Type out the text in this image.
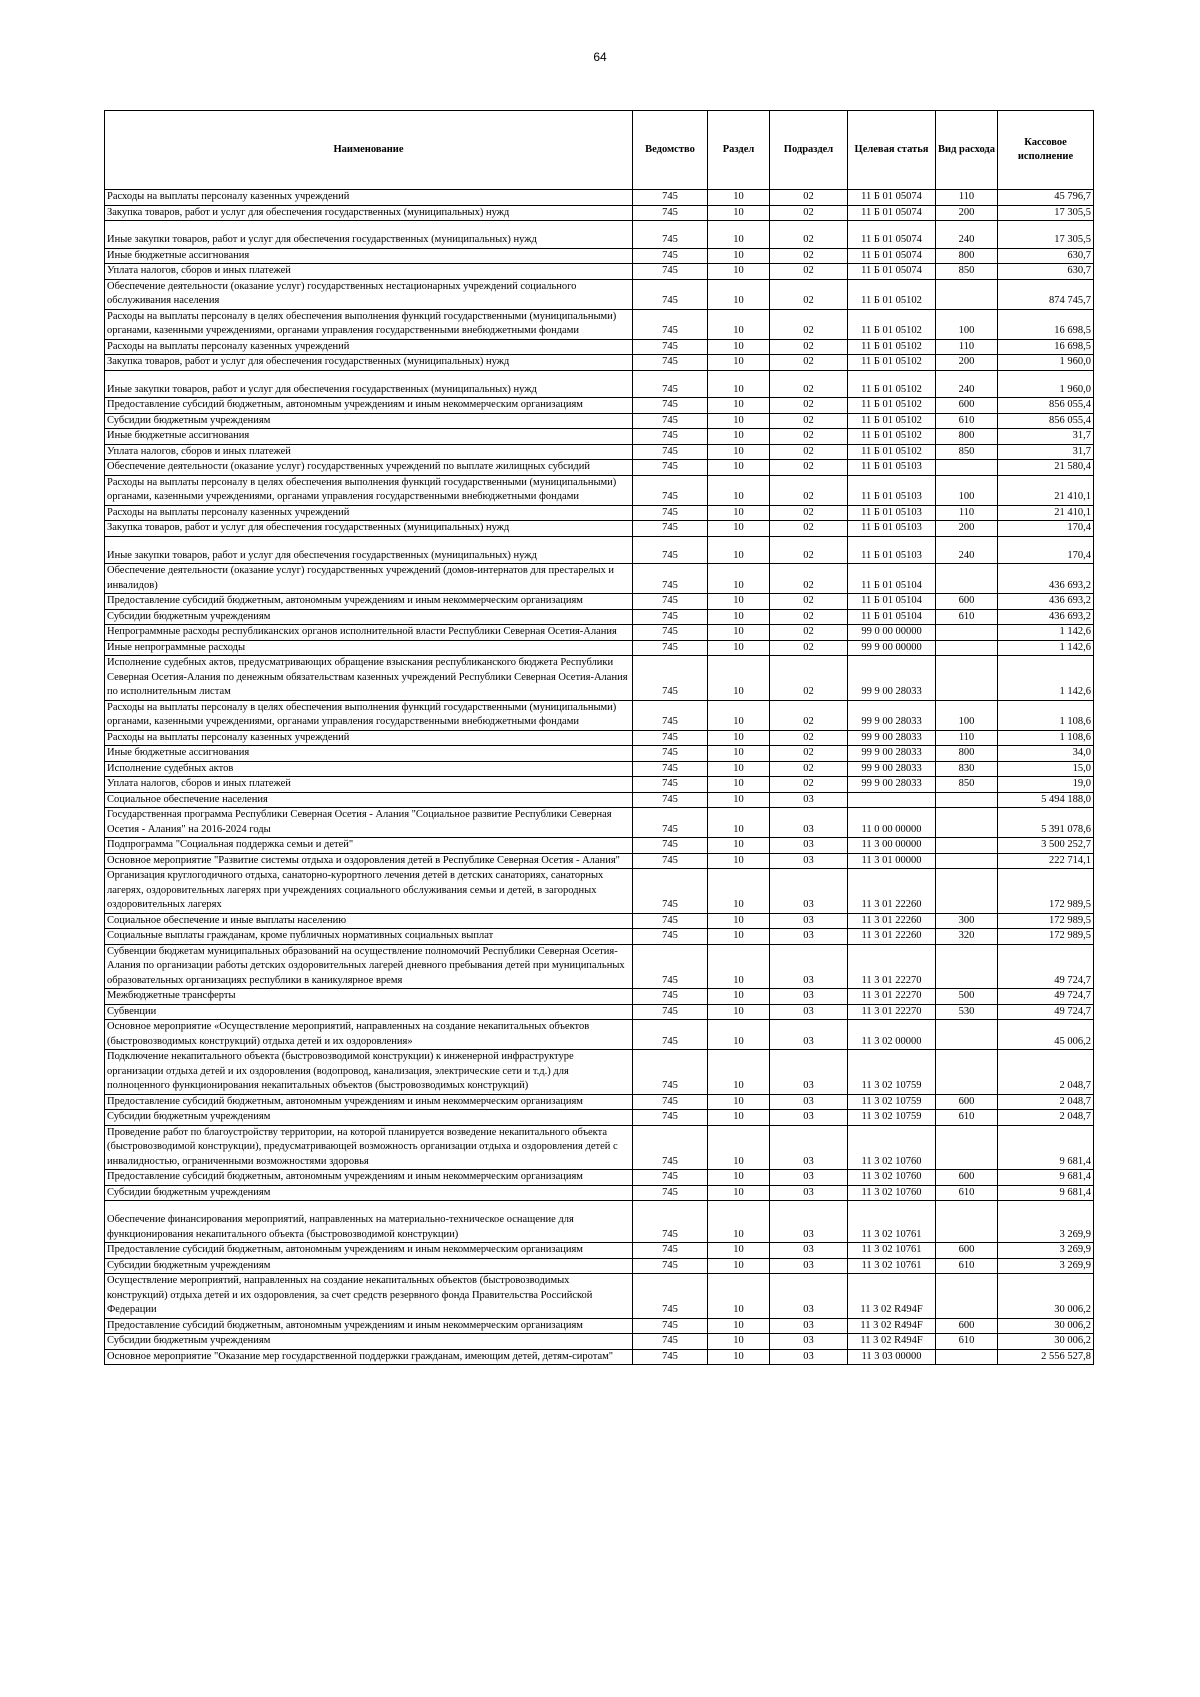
64
Наименование	Ведомство	Раздел	Подраздел	Целевая статья	Вид расхода	Кассовое исполнение
Расходы на выплаты персоналу казенных учреждений	745	10	02	11 Б 01 05074	110	45 796,7
Закупка товаров, работ и услуг для обеспечения государственных (муниципальных) нужд	745	10	02	11 Б 01 05074	200	17 305,5
Иные закупки товаров, работ и услуг для обеспечения государственных (муниципальных) нужд	745	10	02	11 Б 01 05074	240	17 305,5
Иные бюджетные ассигнования	745	10	02	11 Б 01 05074	800	630,7
Уплата налогов, сборов и иных платежей	745	10	02	11 Б 01 05074	850	630,7
Обеспечение деятельности (оказание услуг) государственных нестационарных учреждений социального обслуживания населения	745	10	02	11 Б 01 05102		874 745,7
Расходы на выплаты персоналу в целях обеспечения выполнения функций государственными (муниципальными) органами, казенными учреждениями, органами управления государственными внебюджетными фондами	745	10	02	11 Б 01 05102	100	16 698,5
Расходы на выплаты персоналу казенных учреждений	745	10	02	11 Б 01 05102	110	16 698,5
Закупка товаров, работ и услуг для обеспечения государственных (муниципальных) нужд	745	10	02	11 Б 01 05102	200	1 960,0
Иные закупки товаров, работ и услуг для обеспечения государственных (муниципальных) нужд	745	10	02	11 Б 01 05102	240	1 960,0
Предоставление субсидий бюджетным, автономным учреждениям и иным некоммерческим организациям	745	10	02	11 Б 01 05102	600	856 055,4
Субсидии бюджетным учреждениям	745	10	02	11 Б 01 05102	610	856 055,4
Иные бюджетные ассигнования	745	10	02	11 Б 01 05102	800	31,7
Уплата налогов, сборов и иных платежей	745	10	02	11 Б 01 05102	850	31,7
Обеспечение деятельности (оказание услуг) государственных учреждений по выплате жилищных субсидий	745	10	02	11 Б 01 05103		21 580,4
Расходы на выплаты персоналу в целях обеспечения выполнения функций государственными (муниципальными) органами, казенными учреждениями, органами управления государственными внебюджетными фондами	745	10	02	11 Б 01 05103	100	21 410,1
Расходы на выплаты персоналу казенных учреждений	745	10	02	11 Б 01 05103	110	21 410,1
Закупка товаров, работ и услуг для обеспечения государственных (муниципальных) нужд	745	10	02	11 Б 01 05103	200	170,4
Иные закупки товаров, работ и услуг для обеспечения государственных (муниципальных) нужд	745	10	02	11 Б 01 05103	240	170,4
Обеспечение деятельности (оказание услуг) государственных учреждений (домов-интернатов для престарелых и инвалидов)	745	10	02	11 Б 01 05104		436 693,2
Предоставление субсидий бюджетным, автономным учреждениям и иным некоммерческим организациям	745	10	02	11 Б 01 05104	600	436 693,2
Субсидии бюджетным учреждениям	745	10	02	11 Б 01 05104	610	436 693,2
Непрограммные расходы республиканских органов исполнительной власти Республики Северная Осетия-Алания	745	10	02	99 0 00 00000		1 142,6
Иные непрограммные расходы	745	10	02	99 9 00 00000		1 142,6
Исполнение судебных актов, предусматривающих обращение взыскания республиканского бюджета Республики Северная Осетия-Алания по денежным обязательствам казенных учреждений Республики Северная Осетия-Алания по исполнительным листам	745	10	02	99 9 00 28033		1 142,6
Расходы на выплаты персоналу в целях обеспечения выполнения функций государственными (муниципальными) органами, казенными учреждениями, органами управления государственными внебюджетными фондами	745	10	02	99 9 00 28033	100	1 108,6
Расходы на выплаты персоналу казенных учреждений	745	10	02	99 9 00 28033	110	1 108,6
Иные бюджетные ассигнования	745	10	02	99 9 00 28033	800	34,0
Исполнение судебных актов	745	10	02	99 9 00 28033	830	15,0
Уплата налогов, сборов и иных платежей	745	10	02	99 9 00 28033	850	19,0
Социальное обеспечение населения	745	10	03			5 494 188,0
Государственная программа Республики Северная Осетия - Алания "Социальное развитие Республики Северная Осетия - Алания" на 2016-2024 годы	745	10	03	11 0 00 00000		5 391 078,6
Подпрограмма "Социальная поддержка семьи и детей"	745	10	03	11 3 00 00000		3 500 252,7
Основное мероприятие "Развитие системы отдыха и оздоровления детей в Республике Северная Осетия - Алания"	745	10	03	11 3 01 00000		222 714,1
Организация круглогодичного отдыха, санаторно-курортного лечения детей в детских санаториях, санаторных лагерях, оздоровительных лагерях при учреждениях социального обслуживания семьи и детей, в загородных оздоровительных лагерях	745	10	03	11 3 01 22260		172 989,5
Социальное обеспечение и иные выплаты населению	745	10	03	11 3 01 22260	300	172 989,5
Социальные выплаты гражданам, кроме публичных нормативных социальных выплат	745	10	03	11 3 01 22260	320	172 989,5
Субвенции бюджетам муниципальных образований на осуществление полномочий Республики Северная Осетия-Алания по организации работы детских оздоровительных лагерей дневного пребывания детей при муниципальных образовательных организациях республики в каникулярное время	745	10	03	11 3 01 22270		49 724,7
Межбюджетные трансферты	745	10	03	11 3 01 22270	500	49 724,7
Субвенции	745	10	03	11 3 01 22270	530	49 724,7
Основное мероприятие «Осуществление мероприятий, направленных на создание некапитальных объектов (быстровозводимых конструкций) отдыха детей и их оздоровления»	745	10	03	11 3 02 00000		45 006,2
Подключение некапитального объекта (быстровозводимой конструкции) к инженерной инфраструктуре организации отдыха детей и их оздоровления (водопровод, канализация, электрические сети и т.д.) для полноценного функционирования некапитальных объектов (быстровозводимых конструкций)	745	10	03	11 3 02 10759		2 048,7
Предоставление субсидий бюджетным, автономным учреждениям и иным некоммерческим организациям	745	10	03	11 3 02 10759	600	2 048,7
Субсидии бюджетным учреждениям	745	10	03	11 3 02 10759	610	2 048,7
Проведение работ по благоустройству территории, на которой планируется возведение некапитального объекта (быстровозводимой конструкции), предусматривающей возможность организации отдыха и оздоровления детей с инвалидностью, ограниченными возможностями здоровья	745	10	03	11 3 02 10760		9 681,4
Предоставление субсидий бюджетным, автономным учреждениям и иным некоммерческим организациям	745	10	03	11 3 02 10760	600	9 681,4
Субсидии бюджетным учреждениям	745	10	03	11 3 02 10760	610	9 681,4
Обеспечение финансирования мероприятий, направленных на материально-техническое оснащение для функционирования некапитального объекта (быстровозводимой конструкции)	745	10	03	11 3 02 10761		3 269,9
Предоставление субсидий бюджетным, автономным учреждениям и иным некоммерческим организациям	745	10	03	11 3 02 10761	600	3 269,9
Субсидии бюджетным учреждениям	745	10	03	11 3 02 10761	610	3 269,9
Осуществление мероприятий, направленных на создание некапитальных объектов (быстровозводимых конструкций) отдыха детей и их оздоровления, за счет средств резервного фонда Правительства Российской Федерации	745	10	03	11 3 02 R494F		30 006,2
Предоставление субсидий бюджетным, автономным учреждениям и иным некоммерческим организациям	745	10	03	11 3 02 R494F	600	30 006,2
Субсидии бюджетным учреждениям	745	10	03	11 3 02 R494F	610	30 006,2
Основное мероприятие "Оказание мер государственной поддержки гражданам, имеющим детей, детям-сиротам"	745	10	03	11 3 03 00000		2 556 527,8
